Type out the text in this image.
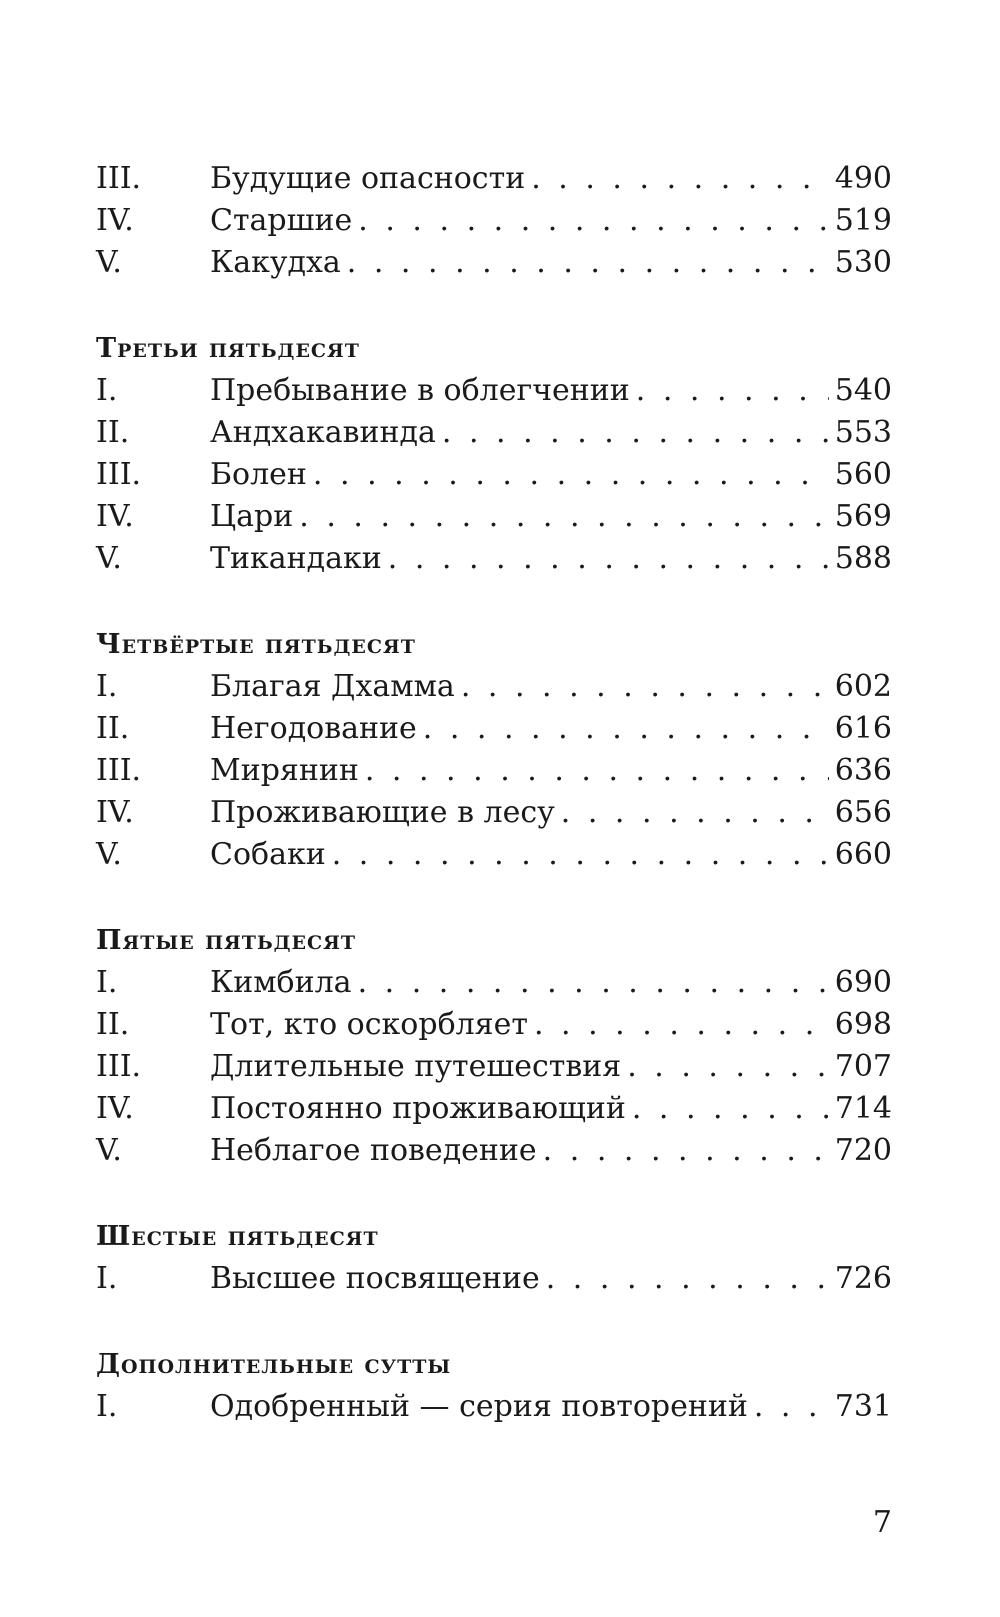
III.	Будущие опасности . . .	490
IV.	Старшие . . .	519
V.	Какудха . . .	530
Третьи пятьдесят
I.	Пребывание в облегчении . . .	540
II.	Андхакавинда . . .	553
III.	Болен . . .	560
IV.	Цари . . .	569
V.	Тикандаки . . .	588
Четвёртые пятьдесят
I.	Благая Дхамма . . .	602
II.	Негодование . . .	616
III.	Мирянин . . .	636
IV.	Проживающие в лесу . . .	656
V.	Собаки . . .	660
Пятые пятьдесят
I.	Кимбила . . .	690
II.	Тот, кто оскорбляет . . .	698
III.	Длительные путешествия . . .	707
IV.	Постоянно проживающий . . .	714
V.	Неблагое поведение . . .	720
Шестые пятьдесят
I.	Высшее посвящение . . .	726
Дополнительные сутты
I.	Одобренный — серия повторений . . .	731
7
